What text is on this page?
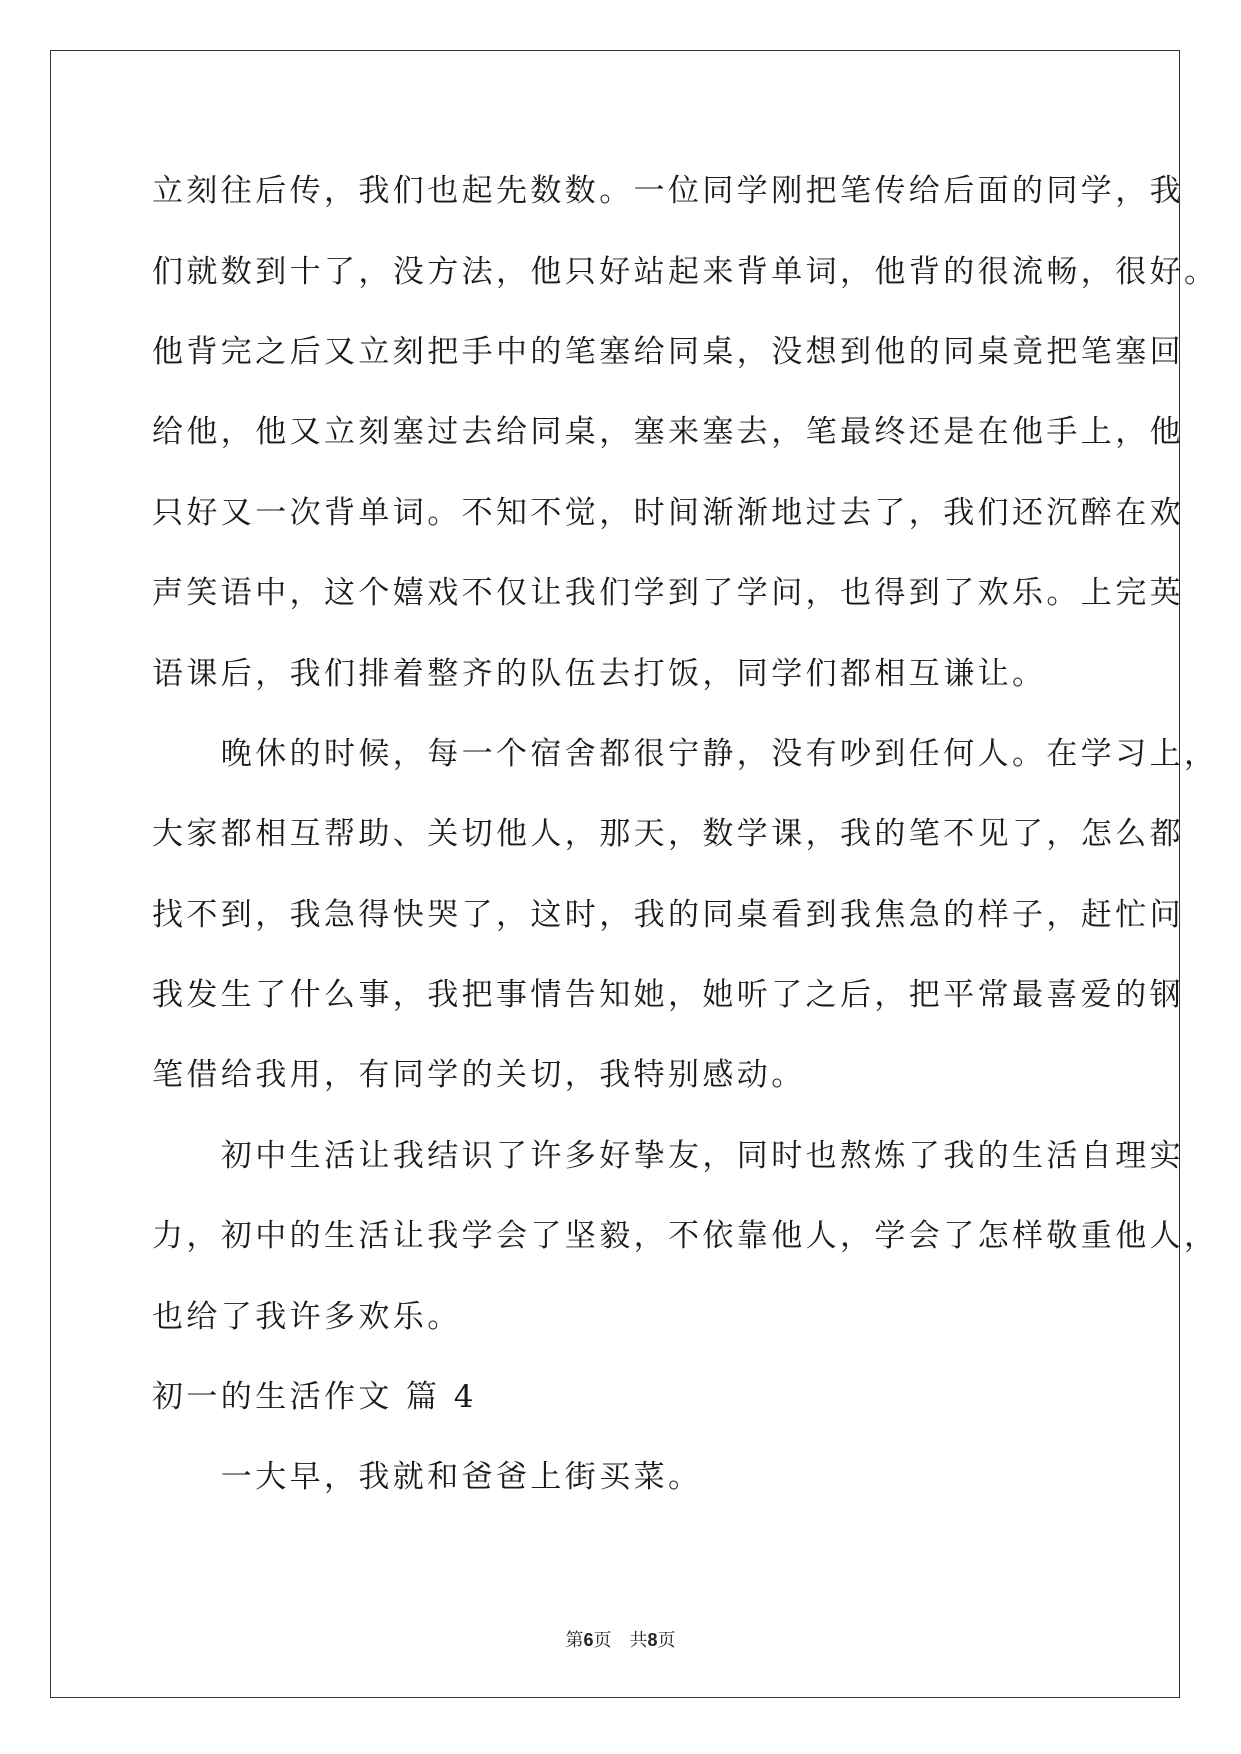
立刻往后传，我们也起先数数。一位同学刚把笔传给后面的同学，我
们就数到十了，没方法，他只好站起来背单词，他背的很流畅，很好。
他背完之后又立刻把手中的笔塞给同桌，没想到他的同桌竟把笔塞回
给他，他又立刻塞过去给同桌，塞来塞去，笔最终还是在他手上，他
只好又一次背单词。不知不觉，时间渐渐地过去了，我们还沉醉在欢
声笑语中，这个嬉戏不仅让我们学到了学问，也得到了欢乐。上完英
语课后，我们排着整齐的队伍去打饭，同学们都相互谦让。
　　晚休的时候，每一个宿舍都很宁静，没有吵到任何人。在学习上，
大家都相互帮助、关切他人，那天，数学课，我的笔不见了，怎么都
找不到，我急得快哭了，这时，我的同桌看到我焦急的样子，赶忙问
我发生了什么事，我把事情告知她，她听了之后，把平常最喜爱的钢
笔借给我用，有同学的关切，我特别感动。
　　初中生活让我结识了许多好挚友，同时也熬炼了我的生活自理实
力，初中的生活让我学会了坚毅，不依靠他人，学会了怎样敬重他人，
也给了我许多欢乐。
初一的生活作文 篇 4
　　一大早，我就和爸爸上街买菜。
第6页　共8页
